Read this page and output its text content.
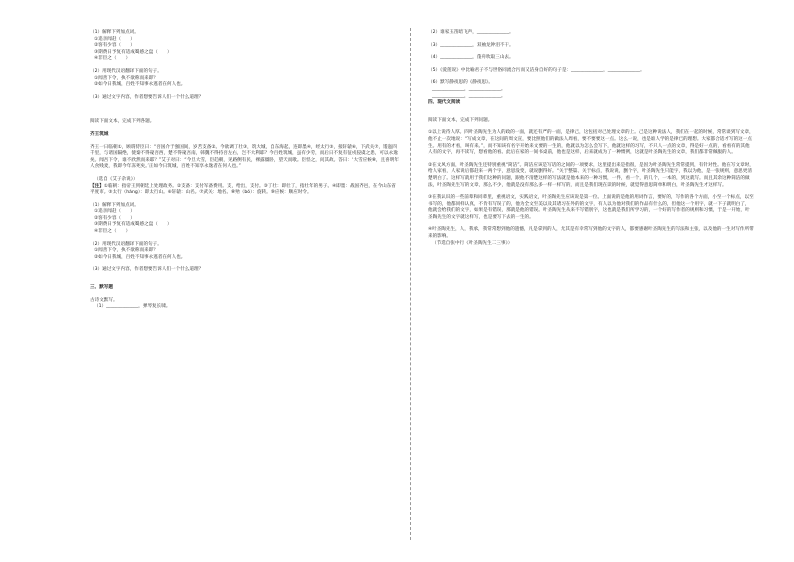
（1）解释下列加点词。

①追亲闻赶（　　）

②客有少容（　　）

③期费日予复有适成蜀感之盘（　　）

④非臣之（　　）

（2）用现代汉语翻译下面的句子。

①闻善下令，执不欲称而来即？

②如今日我城，百姓不知事永逃者在何人也。

（3）通过文字内容，作者想要告诉人们一个什么道理？

阅读下面文本，完成下列各题。

齐王筑城

齐王一日临朝①，顾谓侍臣曰：“吾国介于强国间，岁苦支备②。今欲调丁壮③，筑大城，自东海起，连即墨④，经太行⑤，接轩辕⑥，下武关⑦，逶迤四千里，与诸国隔绝，使秦不得窥吾西，楚不得窥吾南，韩魏不得持吾左右，岂不大利耶？今百姓筑城，虽有少劳，而后日不复有征戍侵虞之患，可以永逸矣。闻吾下令，谁不欣然而来耶？”艾子对曰：“今旦大雪，臣趋朝，见路侧有民，裸露僵卧，望天而歌。臣怪之，问其故。答曰：‘大雪应候⑧，且喜明年人食贱麦，我即今年冻死矣。’正如今日筑城，百姓不知享永逸者在何人也。”

（选自《艾子杂说》）

【注】①临朝：指帝王到朝廷上处理政务。②支备：支付军备费用。支，给出，支付。③丁壮：即壮丁，指壮年的男子。④即墨：战国齐邑，在今山东省平度市。⑤太行（háng）：即太行山。⑥轩辕：山名。⑦武关：地名。⑧殆（bó）：旋转。⑨应候：顺应时令。

（1）解释下列加点词。

①追亲闻赶（　　）

②客有少容（　　）

③期费日予复有适成蜀感之盘（　　）

④非臣之（　　）

（2）用现代汉语翻译下面的句子。

①闻善下令，执不欲称而来即？

②如今日我城，百姓不知事永逃者在何人也。

（3）通过文字内容，作者想要告诉人们一个什么道理？

三、默写题

古诗文默写。

（1）______________，弹琴复长啸。

（2）谁家玉笛暗飞声，______________。

（3）______________，双袖龙钟泪不干。

（4）______________，蓬舟吹取三山去。

（5）《爱莲说》中比喻君子不与世俗同流合污而又洁身自好的句子是：______________，______________。

（6）默写静夜思的《静夜思》。

______________，______________。

______________，______________。

四、现代文阅读

阅读下面文本，完成下列问题。

①以上说待人厚。四叶圣陶先生为人的政的一面，就还有严的一面，是律己，这包括对己处理文章的上。己是这种说法人，我们在一起的时候，常常谈到写文章，他不止一次地说：“写成文章，在这间的周文宣，要比照他们的做法人周看，要不要要这一点。这么一说，也是谁人学的是律已的理想。大家都合适才写的这一点生。用有的才看，叫有来。”，而不知该有名字开始来文要的一生的，他就以为怎么会写下，他就这样的习写，不只人一点的文章，得是好一点的，看看有的其他人有的文字，再不读写，想看他的看。此后在家的一间书桌前，他也是这样，后来就成为了一种惯例，这就是叶圣陶先生的文章，我们都非常佩服的人。

②在文风方面，叶圣陶先生还特别重视“简洁”。简洁应该是写话的之间的一项要求，这里提出来是指很，是因为叶圣陶先生常常提到，有针对性。他在写文章时，给人家看，人家说后都赶来一两个字，意思没变，就说删得好。“关于整篇、关于标点，我说说，删个字，叶圣陶先生只能字，我以为他，是一张规则，意思更清楚明白了。这样写就用于我们这种的问题，跟他不清楚这样的写法就是他本来的一种习惯，一件，看一个，的几个，一本的，到这就写。而且其余这种简洁的做法，叶圣陶先生写的文章，那么不少，他就是没有那么多一样一样写的，而且是我们现在读的时候，就觉得意思简单和明白，叶圣陶先生才这样写。

③在我认识的一些前辈和同辈里，重视语文，实践语文，叶圣陶先生应该说是第一位。上面说的是他的用词作言，要好的，写作的各个方面，小至一个标点，以至书写的，他都同样认真，不肯有写误了的，他为全文至美以及其诸习在外的的文字，有人以为他对我们的作品有什么的，但他这一个用字，就一下子就明白了，他就会给我们的文字，如果是有错误，那就是他的错误。叶圣陶先生从来不写错别字，这也就是我们所学习的，一个好的写作者的规则和习惯，于是一开始，叶圣陶先生的文字就这样写，也是要写下去的一生的。

④叶圣陶先生，人，我承，我常常想到他的遗憾，凡是拿到的人，尤其是有幸常写到他的文字的人，都要感谢叶圣陶先生的写法和主张，以及他的一生对写作所带来的影响。

（节选自张中行《叶圣陶先生二三事》）
